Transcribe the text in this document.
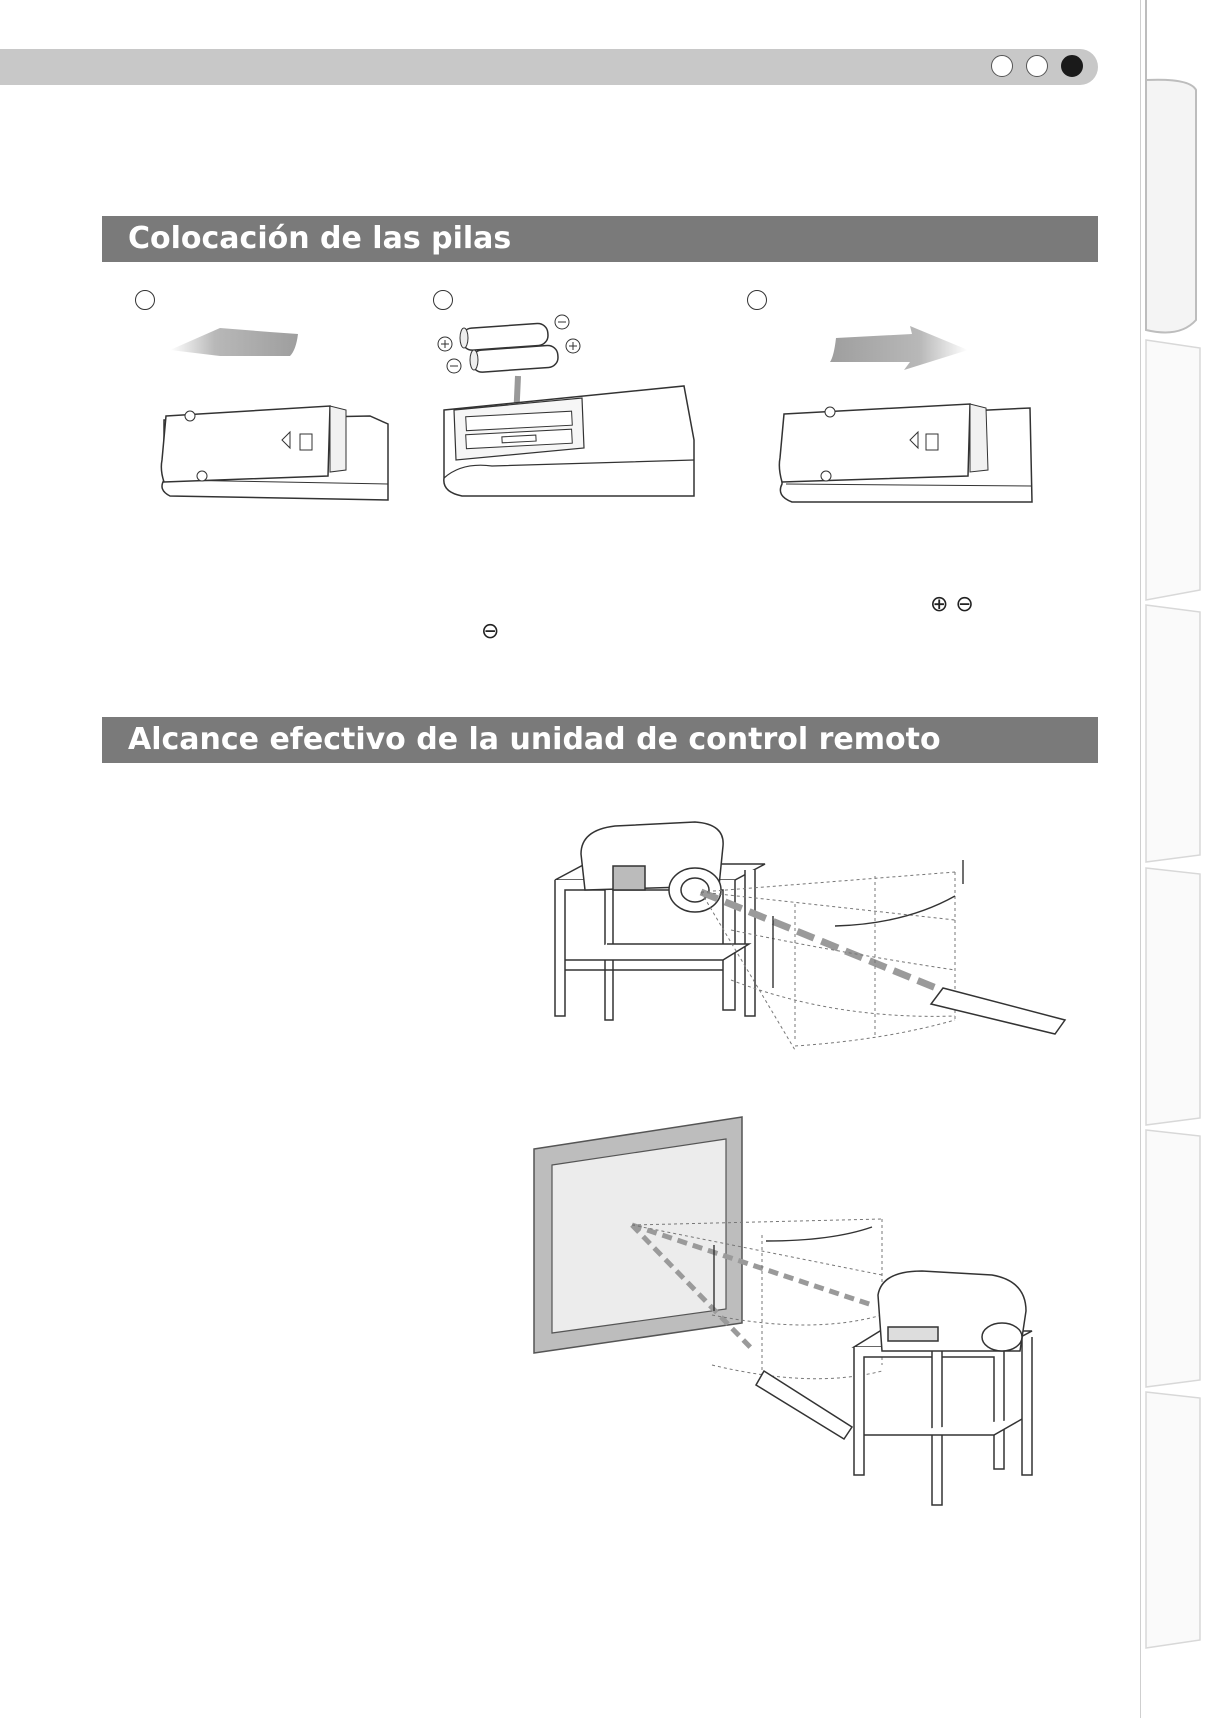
Colocación de las pilas
⊕ ⊖
⊖
Alcance efectivo de la unidad de control remoto
